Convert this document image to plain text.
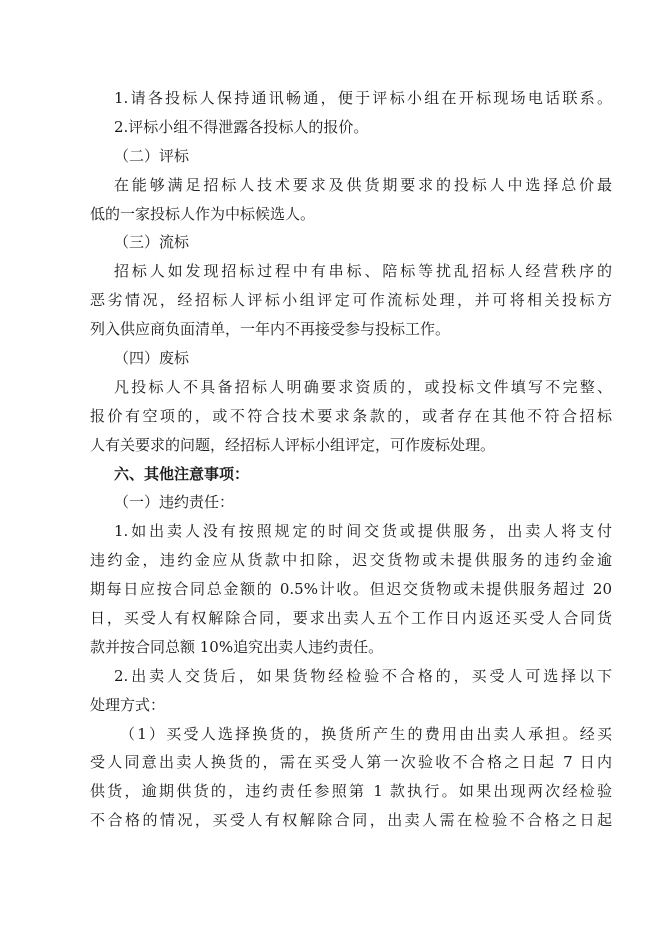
1.请各投标人保持通讯畅通，便于评标小组在开标现场电话联系。
2.评标小组不得泄露各投标人的报价。
（二）评标
在能够满足招标人技术要求及供货期要求的投标人中选择总价最
低的一家投标人作为中标候选人。
（三）流标
招标人如发现招标过程中有串标、陪标等扰乱招标人经营秩序的
恶劣情况，经招标人评标小组评定可作流标处理，并可将相关投标方
列入供应商负面清单，一年内不再接受参与投标工作。
（四）废标
凡投标人不具备招标人明确要求资质的，或投标文件填写不完整、
报价有空项的，或不符合技术要求条款的，或者存在其他不符合招标
人有关要求的问题，经招标人评标小组评定，可作废标处理。
六、其他注意事项：
（一）违约责任：
1.如出卖人没有按照规定的时间交货或提供服务，出卖人将支付
违约金，违约金应从货款中扣除，迟交货物或未提供服务的违约金逾
期每日应按合同总金额的 0.5%计收。但迟交货物或未提供服务超过 20
日，买受人有权解除合同，要求出卖人五个工作日内返还买受人合同货
款并按合同总额 10%追究出卖人违约责任。
2.出卖人交货后，如果货物经检验不合格的，买受人可选择以下
处理方式：
（1）买受人选择换货的，换货所产生的费用由出卖人承担。经买
受人同意出卖人换货的，需在买受人第一次验收不合格之日起 7 日内
供货，逾期供货的，违约责任参照第 1 款执行。如果出现两次经检验
不合格的情况，买受人有权解除合同，出卖人需在检验不合格之日起
